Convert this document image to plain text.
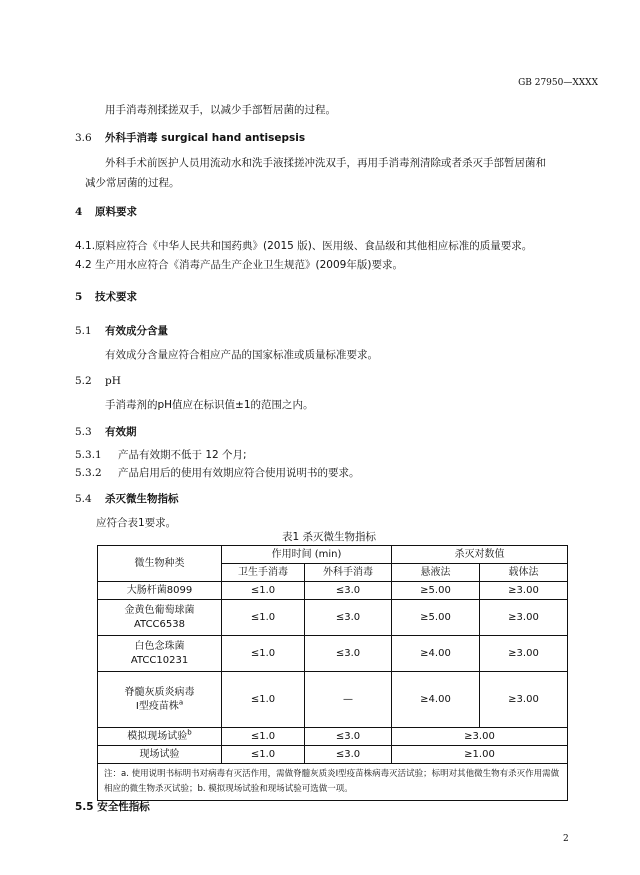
GB 27950—XXXX
用手消毒剂揉搓双手，以减少手部暂居菌的过程。
3.6 外科手消毒 surgical hand antisepsis
外科手术前医护人员用流动水和洗手液揉搓冲洗双手，再用手消毒剂清除或者杀灭手部暂居菌和
减少常居菌的过程。
4 原料要求
4.1.原料应符合《中华人民共和国药典》(2015 版)、医用级、食品级和其他相应标准的质量要求。
4.2 生产用水应符合《消毒产品生产企业卫生规范》(2009年版)要求。
5 技术要求
5.1 有效成分含量
有效成分含量应符合相应产品的国家标准或质量标准要求。
5.2 pH
手消毒剂的pH值应在标识值±1的范围之内。
5.3 有效期
5.3.1 产品有效期不低于 12 个月;
5.3.2 产品启用后的使用有效期应符合使用说明书的要求。
5.4 杀灭微生物指标
应符合表1要求。
表1 杀灭微生物指标
微生物种类	作用时间 (min)		杀灭对数值	
	卫生手消毒	外科手消毒	悬液法	载体法
大肠杆菌8099	≤1.0	≤3.0	≥5.00	≥3.00
金黄色葡萄球菌
ATCC6538	≤1.0	≤3.0	≥5.00	≥3.00
白色念珠菌
ATCC10231	≤1.0	≤3.0	≥4.00	≥3.00
脊髓灰质炎病毒
Ⅰ型疫苗株$^a$	≤1.0	—	≥4.00	≥3.00
模拟现场试验$^b$	≤1.0	≤3.0	≥3.00	
现场试验	≤1.0	≤3.0	≥1.00	
注：a. 使用说明书标明书对病毒有灭活作用，需做脊髓灰质炎Ⅰ型疫苗株病毒灭活试验；标明对其他微生物有杀灭作用需做相应的微生物杀灭试验；b. 模拟现场试验和现场试验可选做一项。				
5.5 安全性指标
2
